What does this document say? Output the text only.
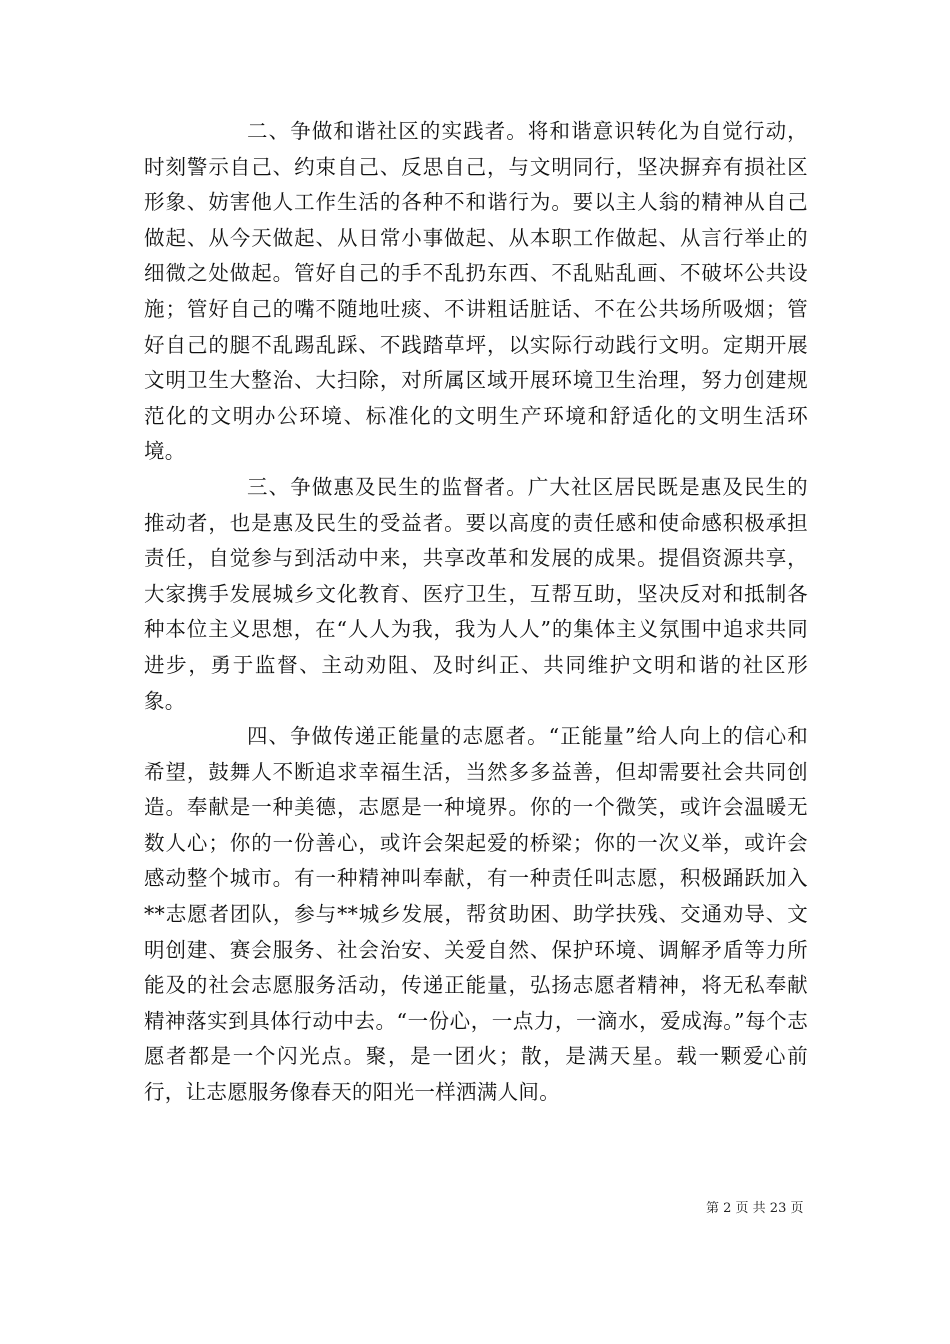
二、争做和谐社区的实践者。将和谐意识转化为自觉行动，时刻警示自己、约束自己、反思自己，与文明同行，坚决摒弃有损社区形象、妨害他人工作生活的各种不和谐行为。要以主人翁的精神从自己做起、从今天做起、从日常小事做起、从本职工作做起、从言行举止的细微之处做起。管好自己的手不乱扔东西、不乱贴乱画、不破坏公共设施；管好自己的嘴不随地吐痰、不讲粗话脏话、不在公共场所吸烟；管好自己的腿不乱踢乱踩、不践踏草坪，以实际行动践行文明。定期开展文明卫生大整治、大扫除，对所属区域开展环境卫生治理，努力创建规范化的文明办公环境、标准化的文明生产环境和舒适化的文明生活环境。

三、争做惠及民生的监督者。广大社区居民既是惠及民生的推动者，也是惠及民生的受益者。要以高度的责任感和使命感积极承担责任，自觉参与到活动中来，共享改革和发展的成果。提倡资源共享，大家携手发展城乡文化教育、医疗卫生，互帮互助，坚决反对和抵制各种本位主义思想，在“人人为我，我为人人”的集体主义氛围中追求共同进步，勇于监督、主动劝阻、及时纠正、共同维护文明和谐的社区形象。

四、争做传递正能量的志愿者。“正能量”给人向上的信心和希望，鼓舞人不断追求幸福生活，当然多多益善，但却需要社会共同创造。奉献是一种美德，志愿是一种境界。你的一个微笑，或许会温暖无数人心；你的一份善心，或许会架起爱的桥梁；你的一次义举，或许会感动整个城市。有一种精神叫奉献，有一种责任叫志愿，积极踊跃加入**志愿者团队，参与**城乡发展，帮贫助困、助学扶残、交通劝导、文明创建、赛会服务、社会治安、关爱自然、保护环境、调解矛盾等力所能及的社会志愿服务活动，传递正能量，弘扬志愿者精神，将无私奉献精神落实到具体行动中去。“一份心，一点力，一滴水，爱成海。”每个志愿者都是一个闪光点。聚，是一团火；散，是满天星。载一颗爱心前行，让志愿服务像春天的阳光一样洒满人间。

第 2 页 共 23 页
